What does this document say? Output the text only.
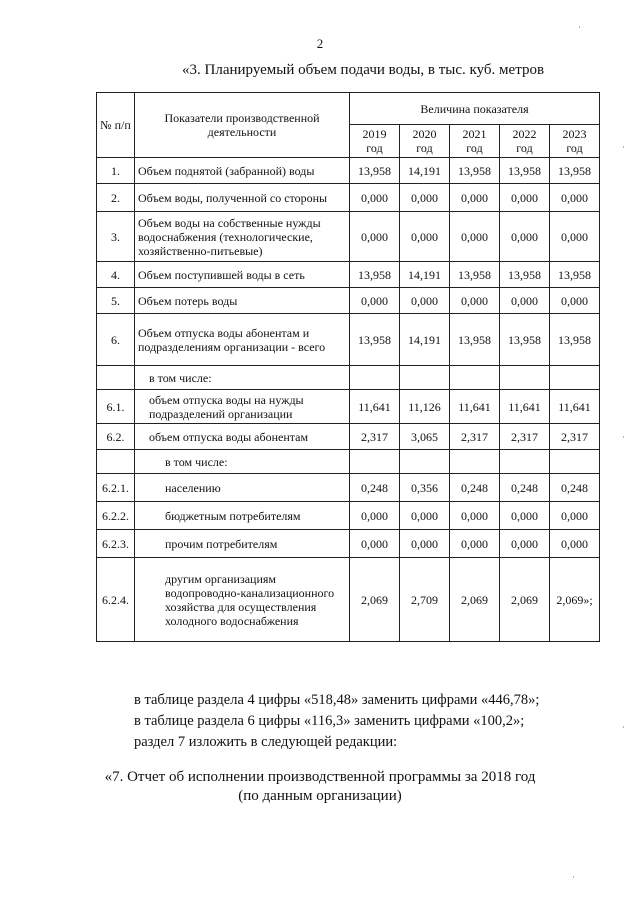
2
«3. Планируемый объем подачи воды, в тыс. куб. метров
№ п/п	Показатели производственной деятельности	Величина показателя				
		2019 год	2020 год	2021 год	2022 год	2023 год
1.	Объем поднятой (забранной) воды	13,958	14,191	13,958	13,958	13,958
2.	Объем воды, полученной со стороны	0,000	0,000	0,000	0,000	0,000
3.	Объем воды на собственные нужды водоснабжения (технологические, хозяйственно-питьевые)	0,000	0,000	0,000	0,000	0,000
4.	Объем поступившей воды в сеть	13,958	14,191	13,958	13,958	13,958
5.	Объем потерь воды	0,000	0,000	0,000	0,000	0,000
6.	Объем отпуска воды абонентам и подразделениям организации - всего	13,958	14,191	13,958	13,958	13,958
	в том числе:					
6.1.	объем отпуска воды на нужды подразделений организации	11,641	11,126	11,641	11,641	11,641
6.2.	объем отпуска воды абонентам	2,317	3,065	2,317	2,317	2,317
	в том числе:					
6.2.1.	населению	0,248	0,356	0,248	0,248	0,248
6.2.2.	бюджетным потребителям	0,000	0,000	0,000	0,000	0,000
6.2.3.	прочим потребителям	0,000	0,000	0,000	0,000	0,000
6.2.4.	другим организациям водопроводно-канализационного хозяйства для осуществления холодного водоснабжения	2,069	2,709	2,069	2,069	2,069»;
в таблице раздела 4 цифры «518,48» заменить цифрами «446,78»;
в таблице раздела 6 цифры «116,3» заменить цифрами «100,2»;
раздел 7 изложить в следующей редакции:
«7. Отчет об исполнении производственной программы за 2018 год
(по данным организации)
·
·
·
·
·
